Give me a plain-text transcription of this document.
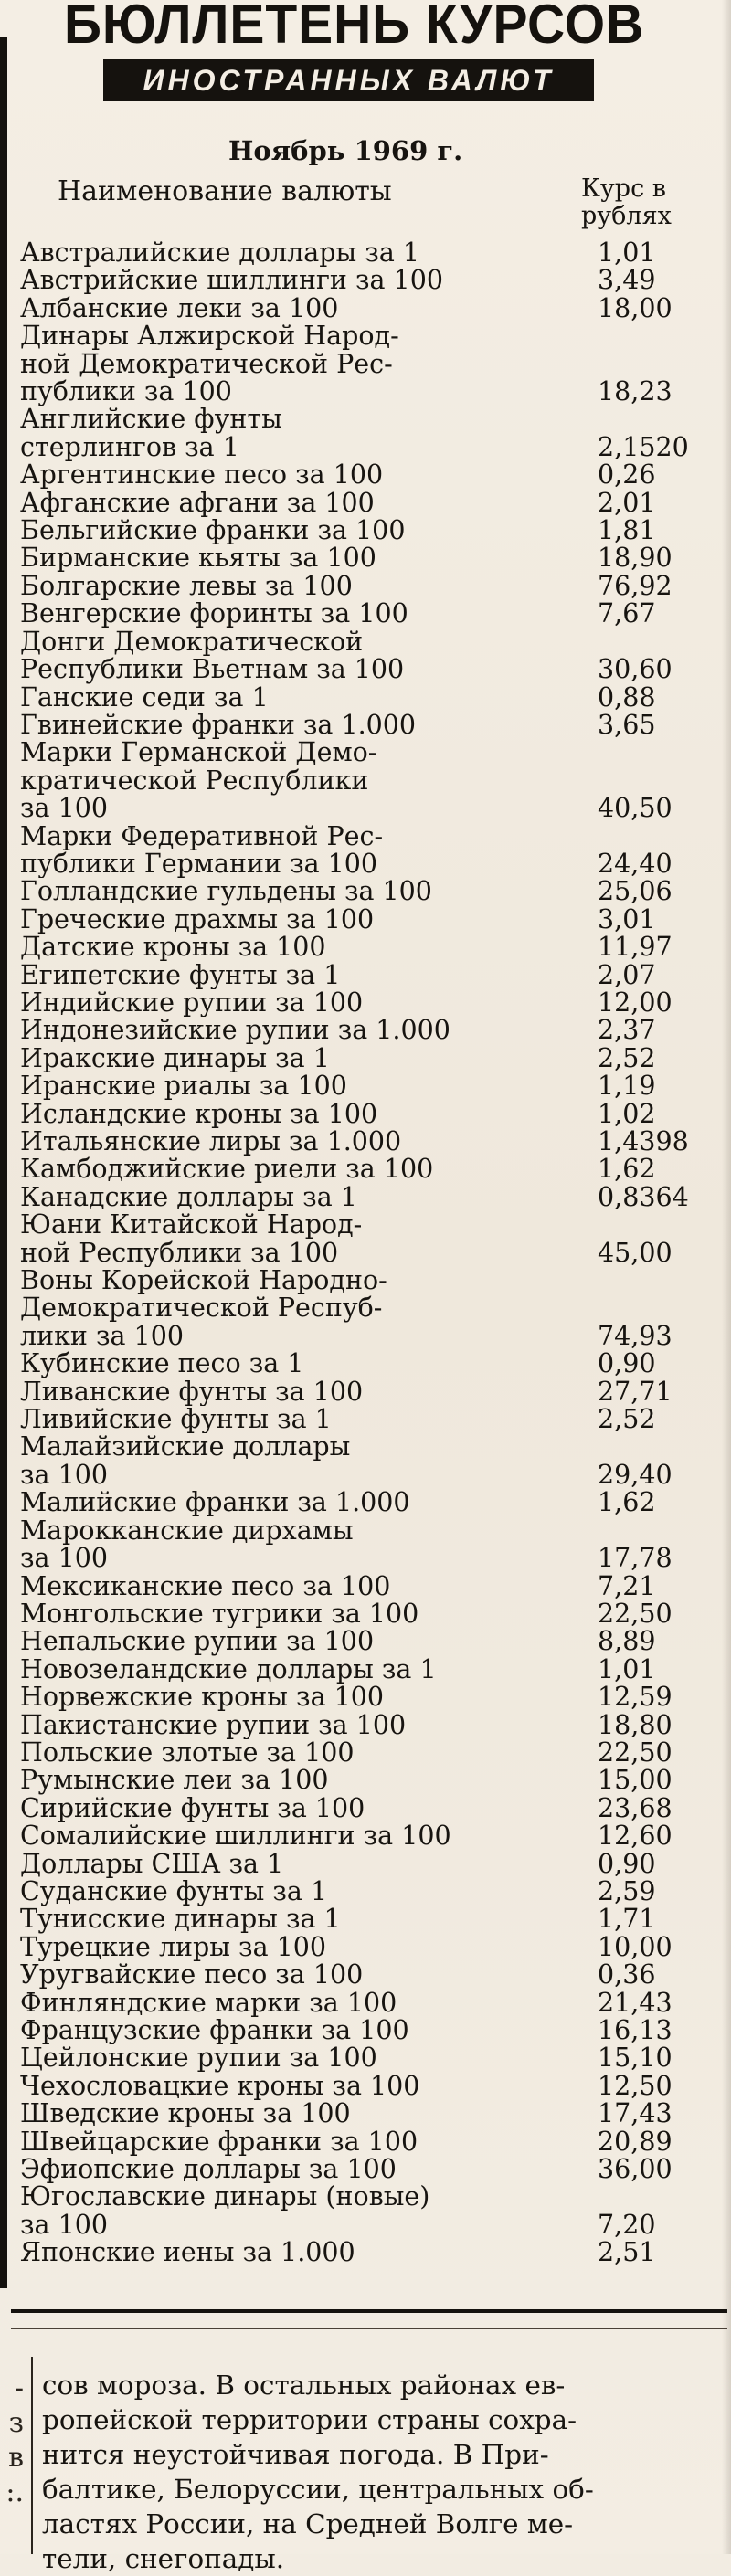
БЮЛЛЕТЕНЬ КУРСОВ
ИНОСТРАННЫХ ВАЛЮТ
Ноябрь 1969 г.
Наименование валюты	Курс в
рублях
Австралийские доллары за 1	1,01
Австрийские шиллинги за 100	3,49
Албанские леки за 100	18,00
Динары Алжирской Народ-
ной Демократической Рес-
публики за 100	18,23
Английские фунты
стерлингов за 1	2,1520
Аргентинские песо за 100	0,26
Афганские афгани за 100	2,01
Бельгийские франки за 100	1,81
Бирманские кьяты за 100	18,90
Болгарские левы за 100	76,92
Венгерские форинты за 100	7,67
Донги Демократической
Республики Вьетнам за 100	30,60
Ганские седи за 1	0,88
Гвинейские франки за 1.000	3,65
Марки Германской Демо-
кратической Республики
за 100	40,50
Марки Федеративной Рес-
публики Германии за 100	24,40
Голландские гульдены за 100	25,06
Греческие драхмы за 100	3,01
Датские кроны за 100	11,97
Египетские фунты за 1	2,07
Индийские рупии за 100	12,00
Индонезийские рупии за 1.000	2,37
Иракские динары за 1	2,52
Иранские риалы за 100	1,19
Исландские кроны за 100	1,02
Итальянские лиры за 1.000	1,4398
Камбоджийские риели за 100	1,62
Канадские доллары за 1	0,8364
Юани Китайской Народ-
ной Республики за 100	45,00
Воны Корейской Народно-
Демократической Респуб-
лики за 100	74,93
Кубинские песо за 1	0,90
Ливанские фунты за 100	27,71
Ливийские фунты за 1	2,52
Малайзийские доллары
за 100	29,40
Малийские франки за 1.000	1,62
Марокканские дирхамы
за 100	17,78
Мексиканские песо за 100	7,21
Монгольские тугрики за 100	22,50
Непальские рупии за 100	8,89
Новозеландские доллары за 1	1,01
Норвежские кроны за 100	12,59
Пакистанские рупии за 100	18,80
Польские злотые за 100	22,50
Румынские леи за 100	15,00
Сирийские фунты за 100	23,68
Сомалийские шиллинги за 100	12,60
Доллары США за 1	0,90
Суданские фунты за 1	2,59
Тунисские динары за 1	1,71
Турецкие лиры за 100	10,00
Уругвайские песо за 100	0,36
Финляндские марки за 100	21,43
Французские франки за 100	16,13
Цейлонские рупии за 100	15,10
Чехословацкие кроны за 100	12,50
Шведские кроны за 100	17,43
Швейцарские франки за 100	20,89
Эфиопские доллары за 100	36,00
Югославские динары (новые)
за 100	7,20
Японские иены за 1.000	2,51
-
з
в
:.
сов мороза. В остальных районах ев-
ропейской территории страны сохра-
нится неустойчивая погода. В При-
балтике, Белоруссии, центральных об-
ластях России, на Средней Волге ме-
тели, снегопады.
